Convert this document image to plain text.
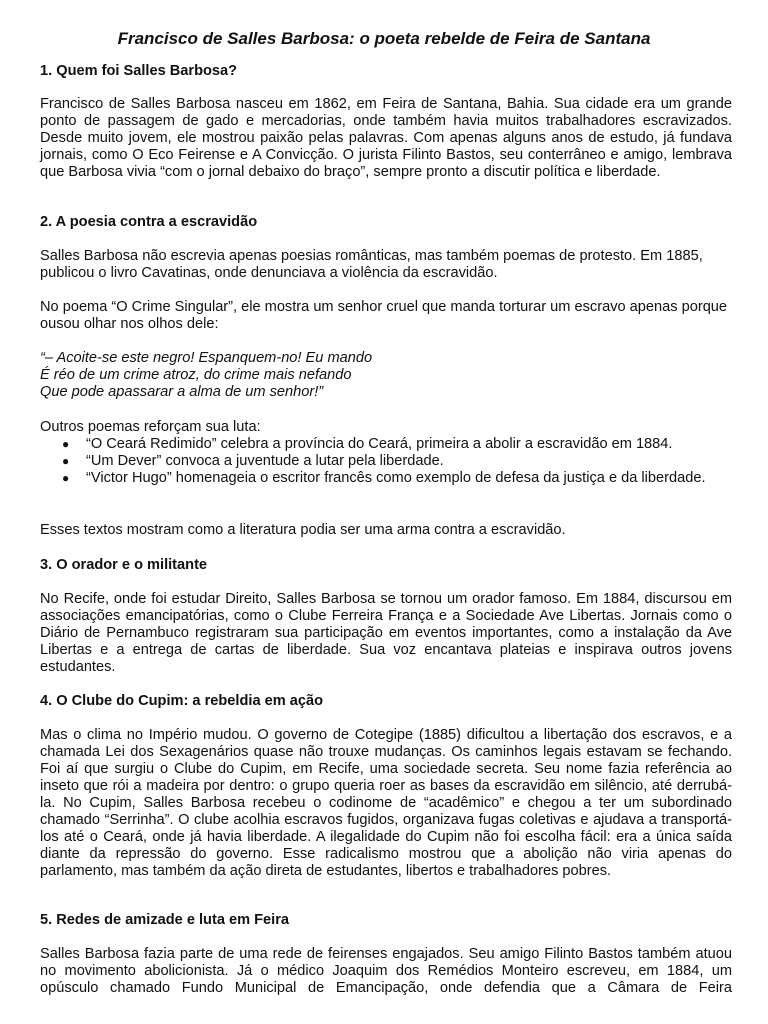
Francisco de Salles Barbosa: o poeta rebelde de Feira de Santana

1. Quem foi Salles Barbosa?

Francisco de Salles Barbosa nasceu em 1862, em Feira de Santana, Bahia. Sua cidade era um grande ponto de passagem de gado e mercadorias, onde também havia muitos trabalhadores escravizados. Desde muito jovem, ele mostrou paixão pelas palavras. Com apenas alguns anos de estudo, já fundava jornais, como O Eco Feirense e A Convicção. O jurista Filinto Bastos, seu conterrâneo e amigo, lembrava que Barbosa vivia “com o jornal debaixo do braço”, sempre pronto a discutir política e liberdade.

2. A poesia contra a escravidão

Salles Barbosa não escrevia apenas poesias românticas, mas também poemas de protesto. Em 1885, publicou o livro Cavatinas, onde denunciava a violência da escravidão.

No poema “O Crime Singular”, ele mostra um senhor cruel que manda torturar um escravo apenas porque ousou olhar nos olhos dele:

“– Acoite-se este negro! Espanquem-no! Eu mando
É réo de um crime atroz, do crime mais nefando
Que pode apassarar a alma de um senhor!”

Outros poemas reforçam sua luta:

● “O Ceará Redimido” celebra a província do Ceará, primeira a abolir a escravidão em 1884.
● “Um Dever” convoca a juventude a lutar pela liberdade.
● “Victor Hugo” homenageia o escritor francês como exemplo de defesa da justiça e da liberdade.

Esses textos mostram como a literatura podia ser uma arma contra a escravidão.

3. O orador e o militante

No Recife, onde foi estudar Direito, Salles Barbosa se tornou um orador famoso. Em 1884, discursou em associações emancipatórias, como o Clube Ferreira França e a Sociedade Ave Libertas. Jornais como o Diário de Pernambuco registraram sua participação em eventos importantes, como a instalação da Ave Libertas e a entrega de cartas de liberdade. Sua voz encantava plateias e inspirava outros jovens estudantes.

4. O Clube do Cupim: a rebeldia em ação

Mas o clima no Império mudou. O governo de Cotegipe (1885) dificultou a libertação dos escravos, e a chamada Lei dos Sexagenários quase não trouxe mudanças. Os caminhos legais estavam se fechando. Foi aí que surgiu o Clube do Cupim, em Recife, uma sociedade secreta. Seu nome fazia referência ao inseto que rói a madeira por dentro: o grupo queria roer as bases da escravidão em silêncio, até derrubá-la. No Cupim, Salles Barbosa recebeu o codinome de “acadêmico” e chegou a ter um subordinado chamado “Serrinha”. O clube acolhia escravos fugidos, organizava fugas coletivas e ajudava a transportá-los até o Ceará, onde já havia liberdade. A ilegalidade do Cupim não foi escolha fácil: era a única saída diante da repressão do governo. Esse radicalismo mostrou que a abolição não viria apenas do parlamento, mas também da ação direta de estudantes, libertos e trabalhadores pobres.

5. Redes de amizade e luta em Feira

Salles Barbosa fazia parte de uma rede de feirenses engajados. Seu amigo Filinto Bastos também atuou no movimento abolicionista. Já o médico Joaquim dos Remédios Monteiro escreveu, em 1884, um opúsculo chamado Fundo Municipal de Emancipação, onde defendia que a Câmara de Feira
